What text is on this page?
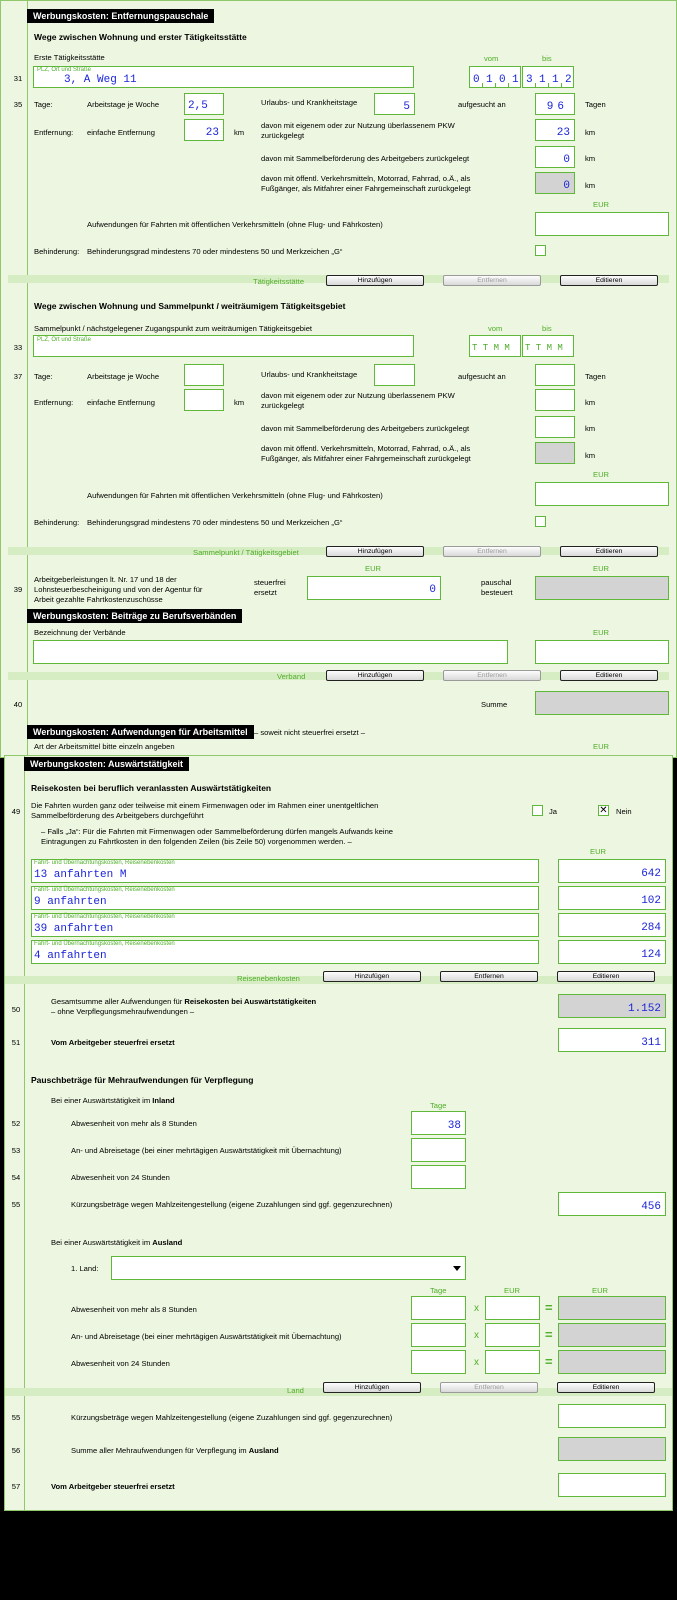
Werbungskosten: Entfernungspauschale
Wege zwischen Wohnung und erster Tätigkeitsstätte
Erste Tätigkeitsstätte	vom	bis
31
PLZ, Ort und Straße
3, A Weg 11	0 1 0 1 3 1 1 2
35	Tage:	Arbeitstage je Woche	2,5	Urlaubs- und Krankheitstage	5	aufgesucht an	96 Tagen
Entfernung: einfache Entfernung	23 km
davon mit eigenem oder zur Nutzung überlassenem PKW zurückgelegt	23 km
davon mit Sammelbeförderung des Arbeitgebers zurückgelegt	0 km
davon mit öffentl. Verkehrsmitteln, Motorrad, Fahrrad, o.Ä., als Fußgänger, als Mitfahrer einer Fahrgemeinschaft zurückgelegt	0 km
EUR
Aufwendungen für Fahrten mit öffentlichen Verkehrsmitteln (ohne Flug- und Fährkosten)
Behinderung: Behinderungsgrad mindestens 70 oder mindestens 50 und Merkzeichen „G“
Tätigkeitsstätte	Hinzufügen	Entfernen	Editieren
Wege zwischen Wohnung und Sammelpunkt / weiträumigem Tätigkeitsgebiet
Sammelpunkt / nächstgelegener Zugangspunkt zum weiträumigen Tätigkeitsgebiet	vom	bis
33
PLZ, Ort und Straße
T T M M T T M M
37	Tage:	Arbeitstage je Woche	Urlaubs- und Krankheitstage	aufgesucht an	Tagen
Entfernung: einfache Entfernung	km
davon mit eigenem oder zur Nutzung überlassenem PKW zurückgelegt	km
davon mit Sammelbeförderung des Arbeitgebers zurückgelegt	km
davon mit öffentl. Verkehrsmitteln, Motorrad, Fahrrad, o.Ä., als Fußgänger, als Mitfahrer einer Fahrgemeinschaft zurückgelegt	km
EUR
Aufwendungen für Fahrten mit öffentlichen Verkehrsmitteln (ohne Flug- und Fährkosten)
Behinderung: Behinderungsgrad mindestens 70 oder mindestens 50 und Merkzeichen „G“
Sammelpunkt / Tätigkeitsgebiet	Hinzufügen	Entfernen	Editieren
EUR	EUR
39
Arbeitgeberleistungen lt. Nr. 17 und 18 der Lohnsteuerbescheinigung und von der Agentur für Arbeit gezahlte Fahrtkostenzuschüsse
steuerfrei ersetzt	0
pauschal besteuert
Werbungskosten: Beiträge zu Berufsverbänden
Bezeichnung der Verbände	EUR
Verband	Hinzufügen	Entfernen	Editieren
40	Summe
Werbungskosten: Aufwendungen für Arbeitsmittel – soweit nicht steuerfrei ersetzt –
Art der Arbeitsmittel bitte einzeln angeben	EUR
Werbungskosten: Auswärtstätigkeit
Reisekosten bei beruflich veranlassten Auswärtstätigkeiten
49
Die Fahrten wurden ganz oder teilweise mit einem Firmenwagen oder im Rahmen einer unentgeltlichen Sammelbeförderung des Arbeitgebers durchgeführt	Ja	✕ Nein
– Falls „Ja“: Für die Fahrten mit Firmenwagen oder Sammelbeförderung dürfen mangels Aufwands keine Eintragungen zu Fahrtkosten in den folgenden Zeilen (bis Zeile 50) vorgenommen werden. –
EUR
Fahrt- und Übernachtungskosten, Reisenebenkosten
13 anfahrten M	642
Fahrt- und Übernachtungskosten, Reisenebenkosten
9 anfahrten	102
Fahrt- und Übernachtungskosten, Reisenebenkosten
39 anfahrten	284
Fahrt- und Übernachtungskosten, Reisenebenkosten
4 anfahrten	124
Reisenebenkosten	Hinzufügen	Entfernen	Editieren
50
Gesamtsumme aller Aufwendungen für Reisekosten bei Auswärtstätigkeiten
– ohne Verpflegungsmehraufwendungen –	1.152
51	Vom Arbeitgeber steuerfrei ersetzt	311
Pauschbeträge für Mehraufwendungen für Verpflegung
Bei einer Auswärtstätigkeit im Inland
Tage
52	Abwesenheit von mehr als 8 Stunden	38
53	An- und Abreisetage (bei einer mehrtägigen Auswärtstätigkeit mit Übernachtung)
54	Abwesenheit von 24 Stunden
55	Kürzungsbeträge wegen Mahlzeitengestellung (eigene Zuzahlungen sind ggf. gegenzurechnen)	456
Bei einer Auswärtstätigkeit im Ausland
1. Land:
Tage	EUR	EUR
Abwesenheit von mehr als 8 Stunden	x	=
An- und Abreisetage (bei einer mehrtägigen Auswärtstätigkeit mit Übernachtung)	x	=
Abwesenheit von 24 Stunden	x	=
Land	Hinzufügen	Entfernen	Editieren
55	Kürzungsbeträge wegen Mahlzeitengestellung (eigene Zuzahlungen sind ggf. gegenzurechnen)
56	Summe aller Mehraufwendungen für Verpflegung im Ausland
57	Vom Arbeitgeber steuerfrei ersetzt
